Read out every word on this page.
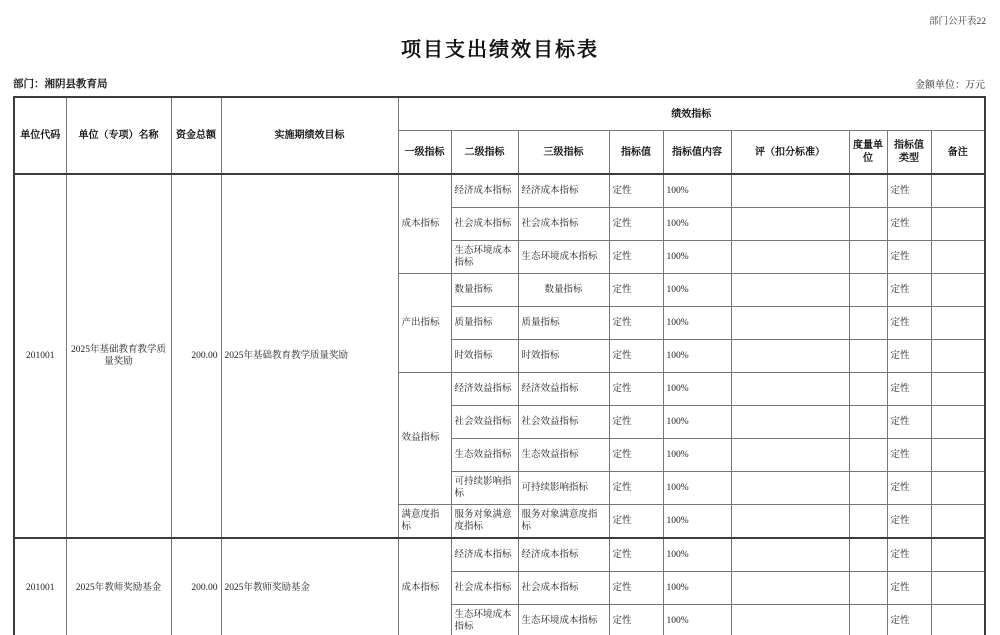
部门公开表22
项目支出绩效目标表
部门：湘阴县教育局	金额单位：万元
单位代码	单位（专项）名称	资金总额	实施期绩效目标	绩效指标								
				一级指标	二级指标	三级指标	指标值	指标值内容	评（扣分标准）	度量单位	指标值类型	备注
201001	2025年基础教育教学质量奖励	200.00	2025年基础教育教学质量奖励	成本指标	经济成本指标	经济成本指标	定性	100%			定性	
					社会成本指标	社会成本指标	定性	100%			定性	
					生态环境成本指标	生态环境成本指标	定性	100%			定性	
				产出指标	数量指标	数量指标	定性	100%			定性	
					质量指标	质量指标	定性	100%			定性	
					时效指标	时效指标	定性	100%			定性	
				效益指标	经济效益指标	经济效益指标	定性	100%			定性	
					社会效益指标	社会效益指标	定性	100%			定性	
					生态效益指标	生态效益指标	定性	100%			定性	
					可持续影响指标	可持续影响指标	定性	100%			定性	
				满意度指标	服务对象满意度指标	服务对象满意度指标	定性	100%			定性	
201001	2025年教师奖励基金	200.00	2025年教师奖励基金	成本指标	经济成本指标	经济成本指标	定性	100%			定性	
					社会成本指标	社会成本指标	定性	100%			定性	
					生态环境成本指标	生态环境成本指标	定性	100%			定性	
